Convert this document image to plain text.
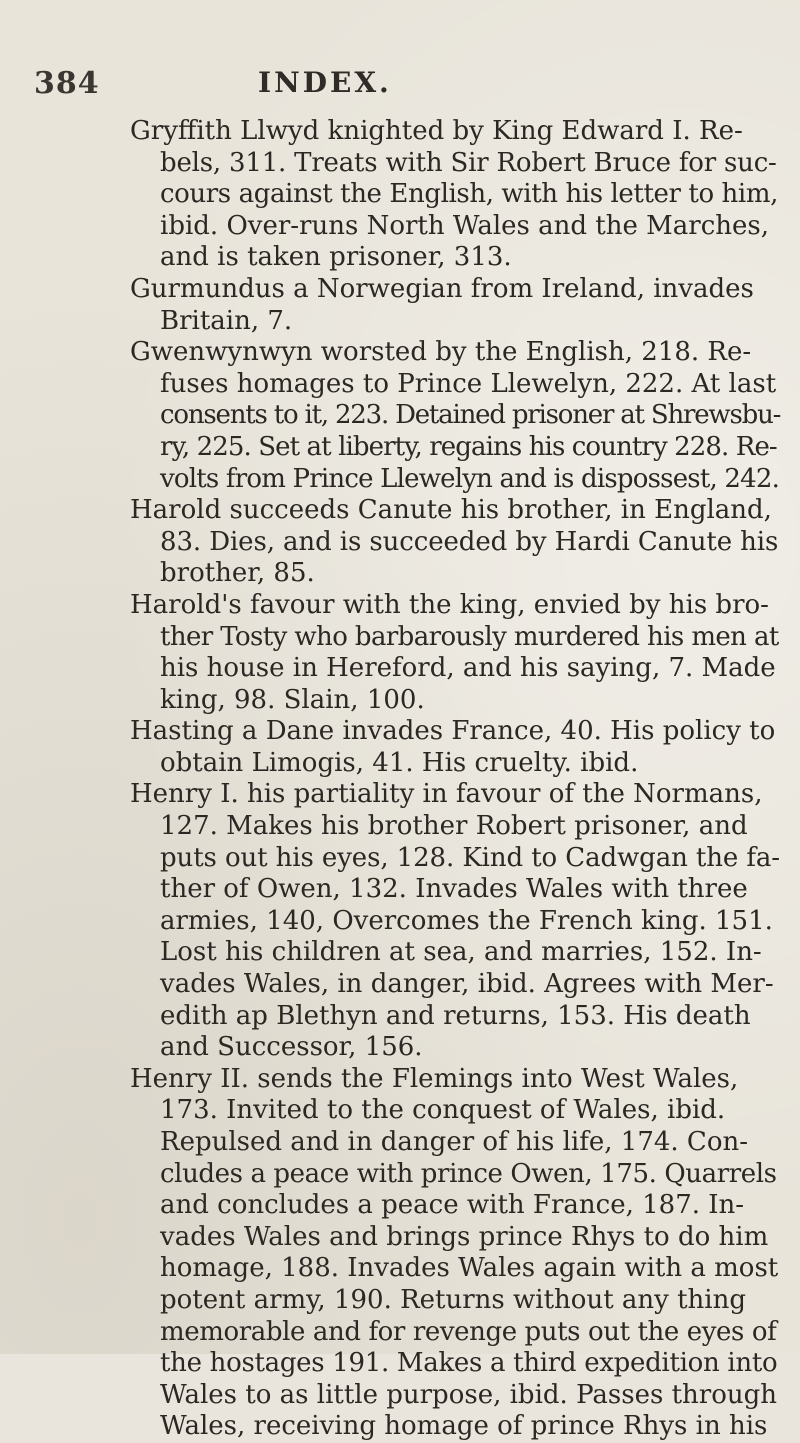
384	INDEX.
Gryffith Llwyd knighted by King Edward I. Re-
bels, 311. Treats with Sir Robert Bruce for suc-
cours against the English, with his letter to him,
ibid. Over-runs North Wales and the Marches,
and is taken prisoner, 313.
Gurmundus a Norwegian from Ireland, invades
Britain, 7.
Gwenwynwyn worsted by the English, 218. Re-
fuses homages to Prince Llewelyn, 222. At last
consents to it, 223. Detained prisoner at Shrewsbu-
ry, 225. Set at liberty, regains his country 228. Re-
volts from Prince Llewelyn and is dispossest, 242.
Harold succeeds Canute his brother, in England,
83. Dies, and is succeeded by Hardi Canute his
brother, 85.
Harold's favour with the king, envied by his bro-
ther Tosty who barbarously murdered his men at
his house in Hereford, and his saying, 7. Made
king, 98. Slain, 100.
Hasting a Dane invades France, 40. His policy to
obtain Limogis, 41. His cruelty. ibid.
Henry I. his partiality in favour of the Normans,
127. Makes his brother Robert prisoner, and
puts out his eyes, 128. Kind to Cadwgan the fa-
ther of Owen, 132. Invades Wales with three
armies, 140, Overcomes the French king. 151.
Lost his children at sea, and marries, 152. In-
vades Wales, in danger, ibid. Agrees with Mer-
edith ap Blethyn and returns, 153. His death
and Successor, 156.
Henry II. sends the Flemings into West Wales,
173. Invited to the conquest of Wales, ibid.
Repulsed and in danger of his life, 174. Con-
cludes a peace with prince Owen, 175. Quarrels
and concludes a peace with France, 187. In-
vades Wales and brings prince Rhys to do him
homage, 188. Invades Wales again with a most
potent army, 190. Returns without any thing
memorable and for revenge puts out the eyes of
the hostages 191. Makes a third expedition into
Wales to as little purpose, ibid. Passes through
Wales, receiving homage of prince Rhys in his
